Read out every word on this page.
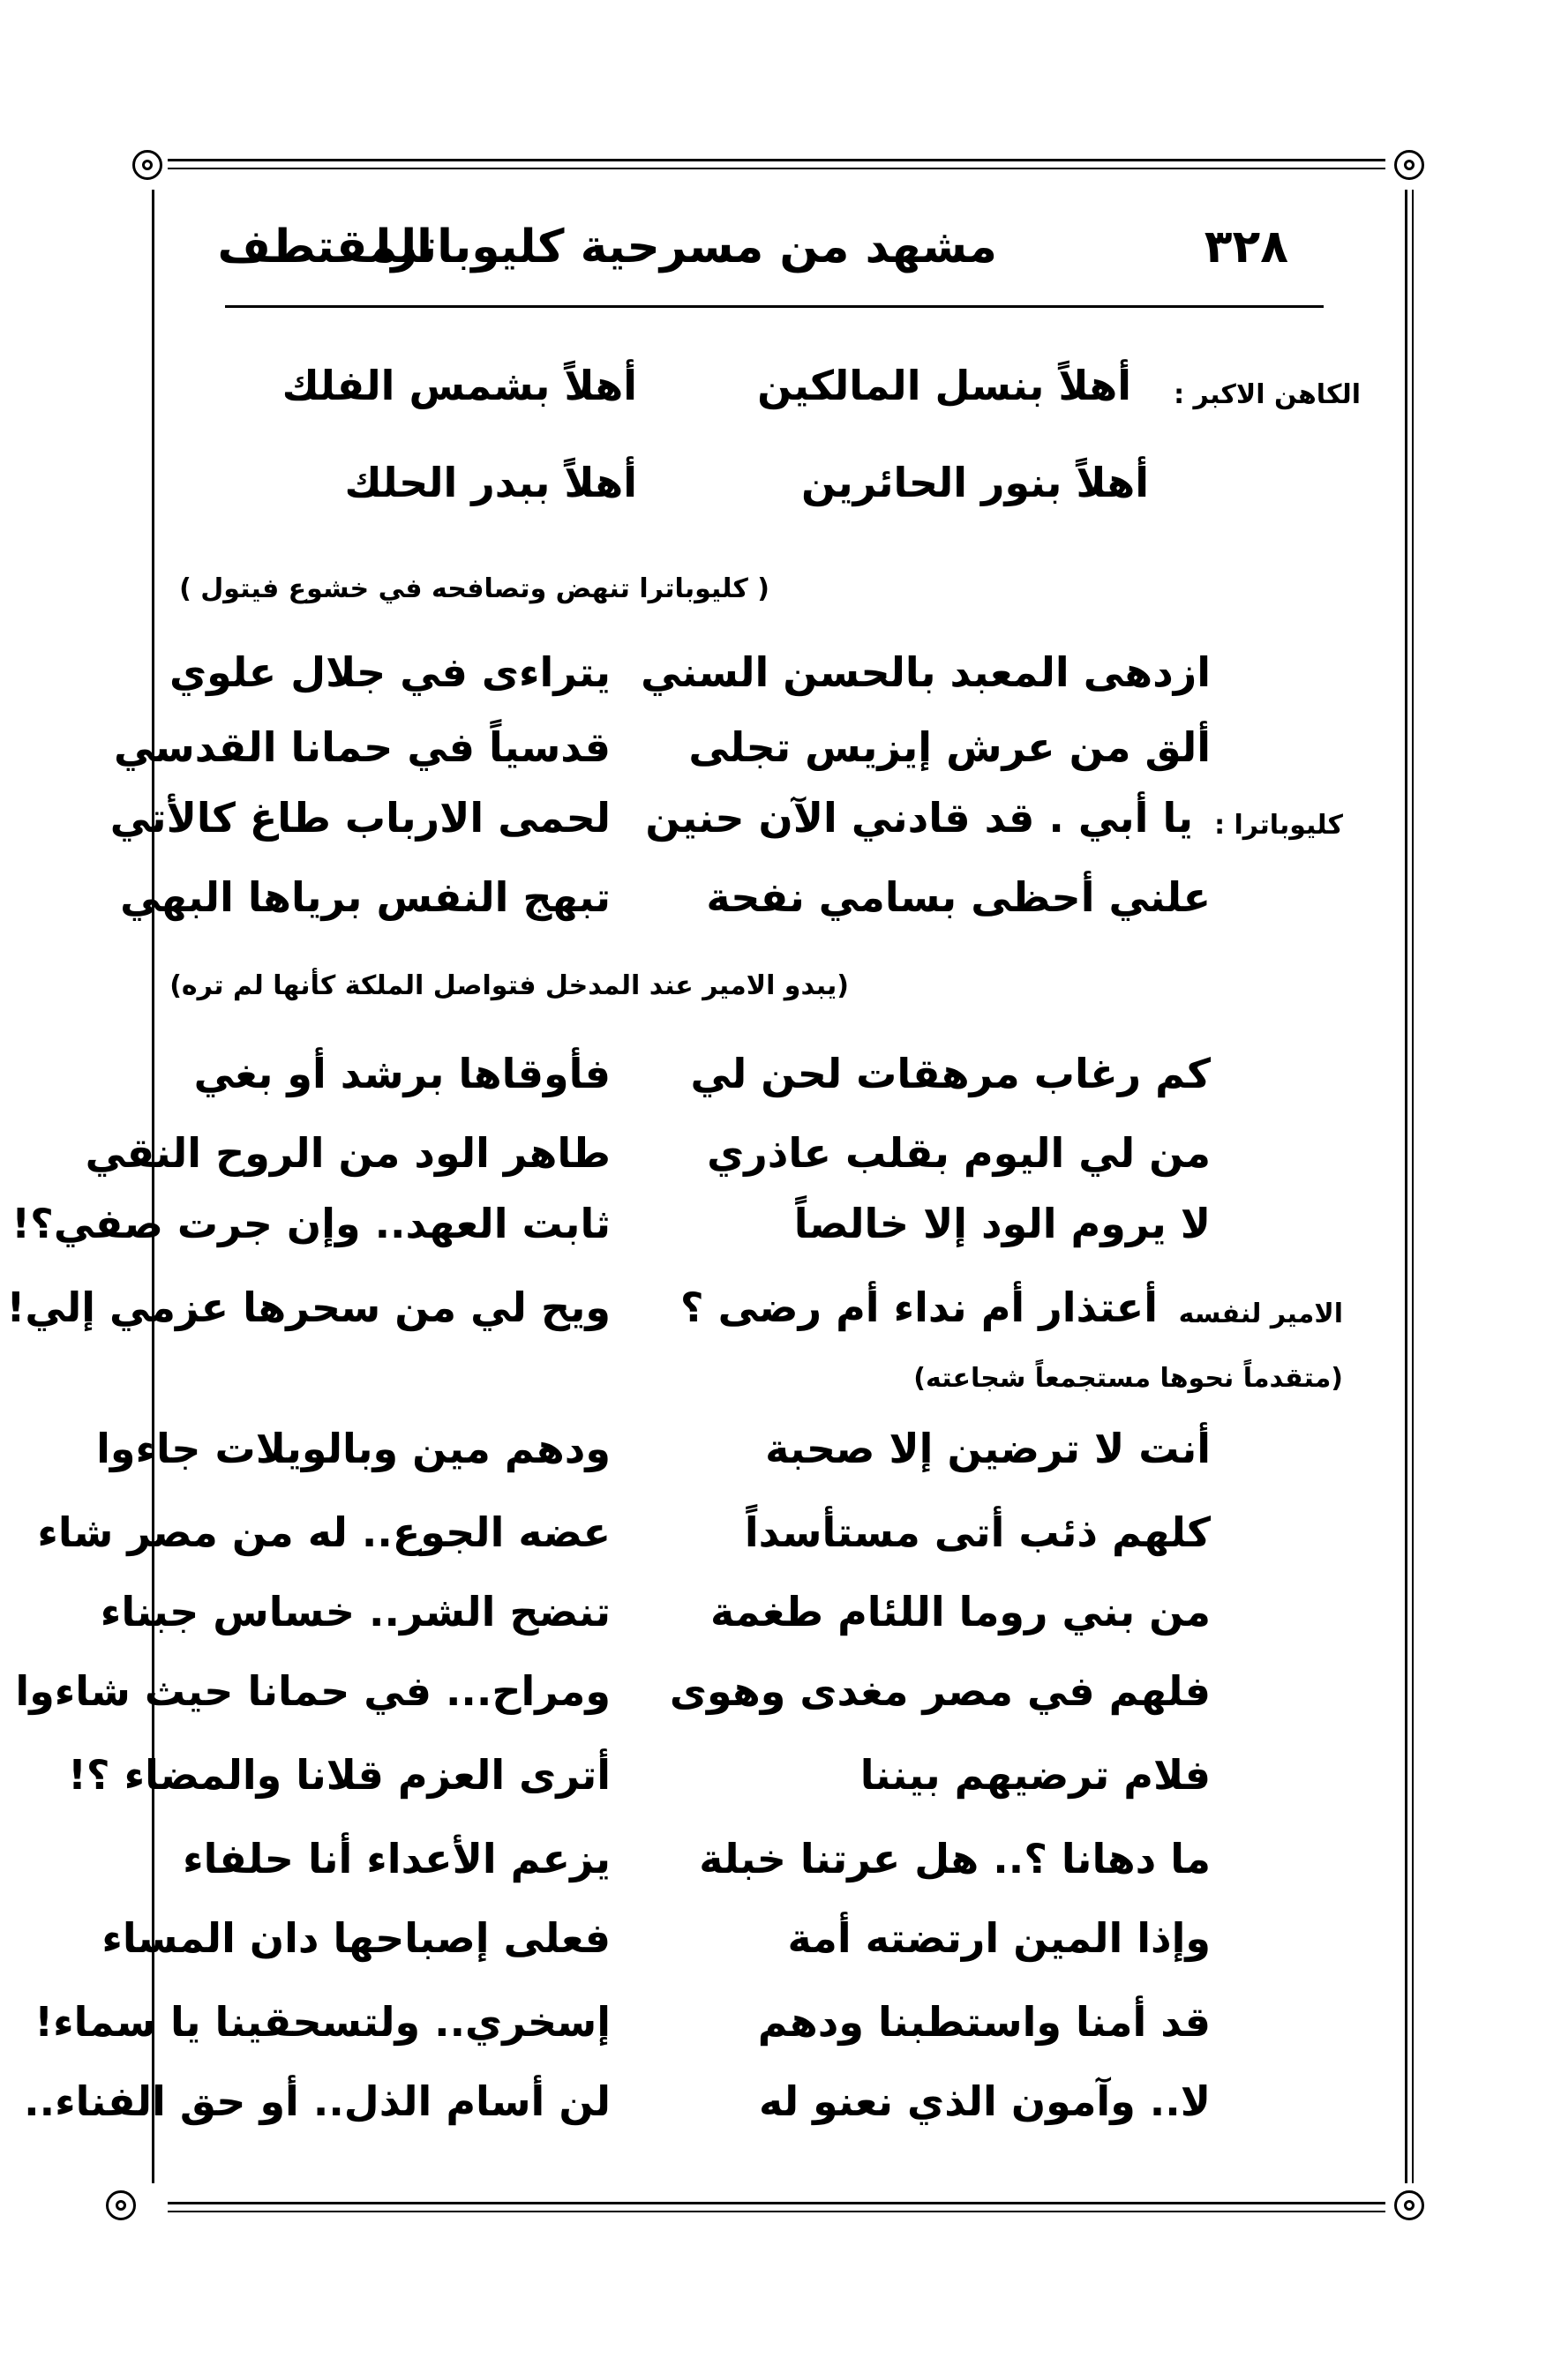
٣٢٨
مشهد من مسرحية كليوباترا
المقتطف
الكاهن الاكبر :
أهلاً بنسل المالكين
أهلاً بشمس الفلك
أهلاً بنور الحائرين
أهلاً ببدر الحلك
( كليوباترا تنهض وتصافحه في خشوع فيتول )
ازدهى المعبد بالحسن السني
يتراءى في جلال علوي
ألق من عرش إيزيس تجلى
قدسياً في حمانا القدسي
كليوباترا :
يا أبي . قد قادني الآن حنين
لحمى الارباب طاغ كالأتي
علني أحظى بسامي نفحة
تبهج النفس برياها البهي
(يبدو الامير عند المدخل فتواصل الملكة كأنها لم تره)
كم رغاب مرهقات لحن لي
فأوقاها برشد أو بغي
من لي اليوم بقلب عاذري
طاهر الود من الروح النقي
لا يروم الود إلا خالصاً
ثابت العهد.. وإن جرت صفي؟!
الامير لنفسه
أعتذار أم نداء أم رضى ؟
ويح لي من سحرها عزمي إلي!
(متقدماً نحوها مستجمعاً شجاعته)
أنت لا ترضين إلا صحبة
ودهم مين وبالويلات جاءوا
كلهم ذئب أتى مستأسداً
عضه الجوع.. له من مصر شاء
من بني روما اللئام طغمة
تنضح الشر.. خساس جبناء
فلهم في مصر مغدى وهوى
ومراح... في حمانا حيث شاءوا
فلام ترضيهم بيننا
أترى العزم قلانا والمضاء ؟!
ما دهانا ؟.. هل عرتنا خبلة
يزعم الأعداء أنا حلفاء
وإذا المين ارتضته أمة
فعلى إصباحها دان المساء
قد أمنا واستطبنا ودهم
إسخري.. ولتسحقينا يا سماء!
لا.. وآمون الذي نعنو له
لن أسام الذل.. أو حق الفناء..
